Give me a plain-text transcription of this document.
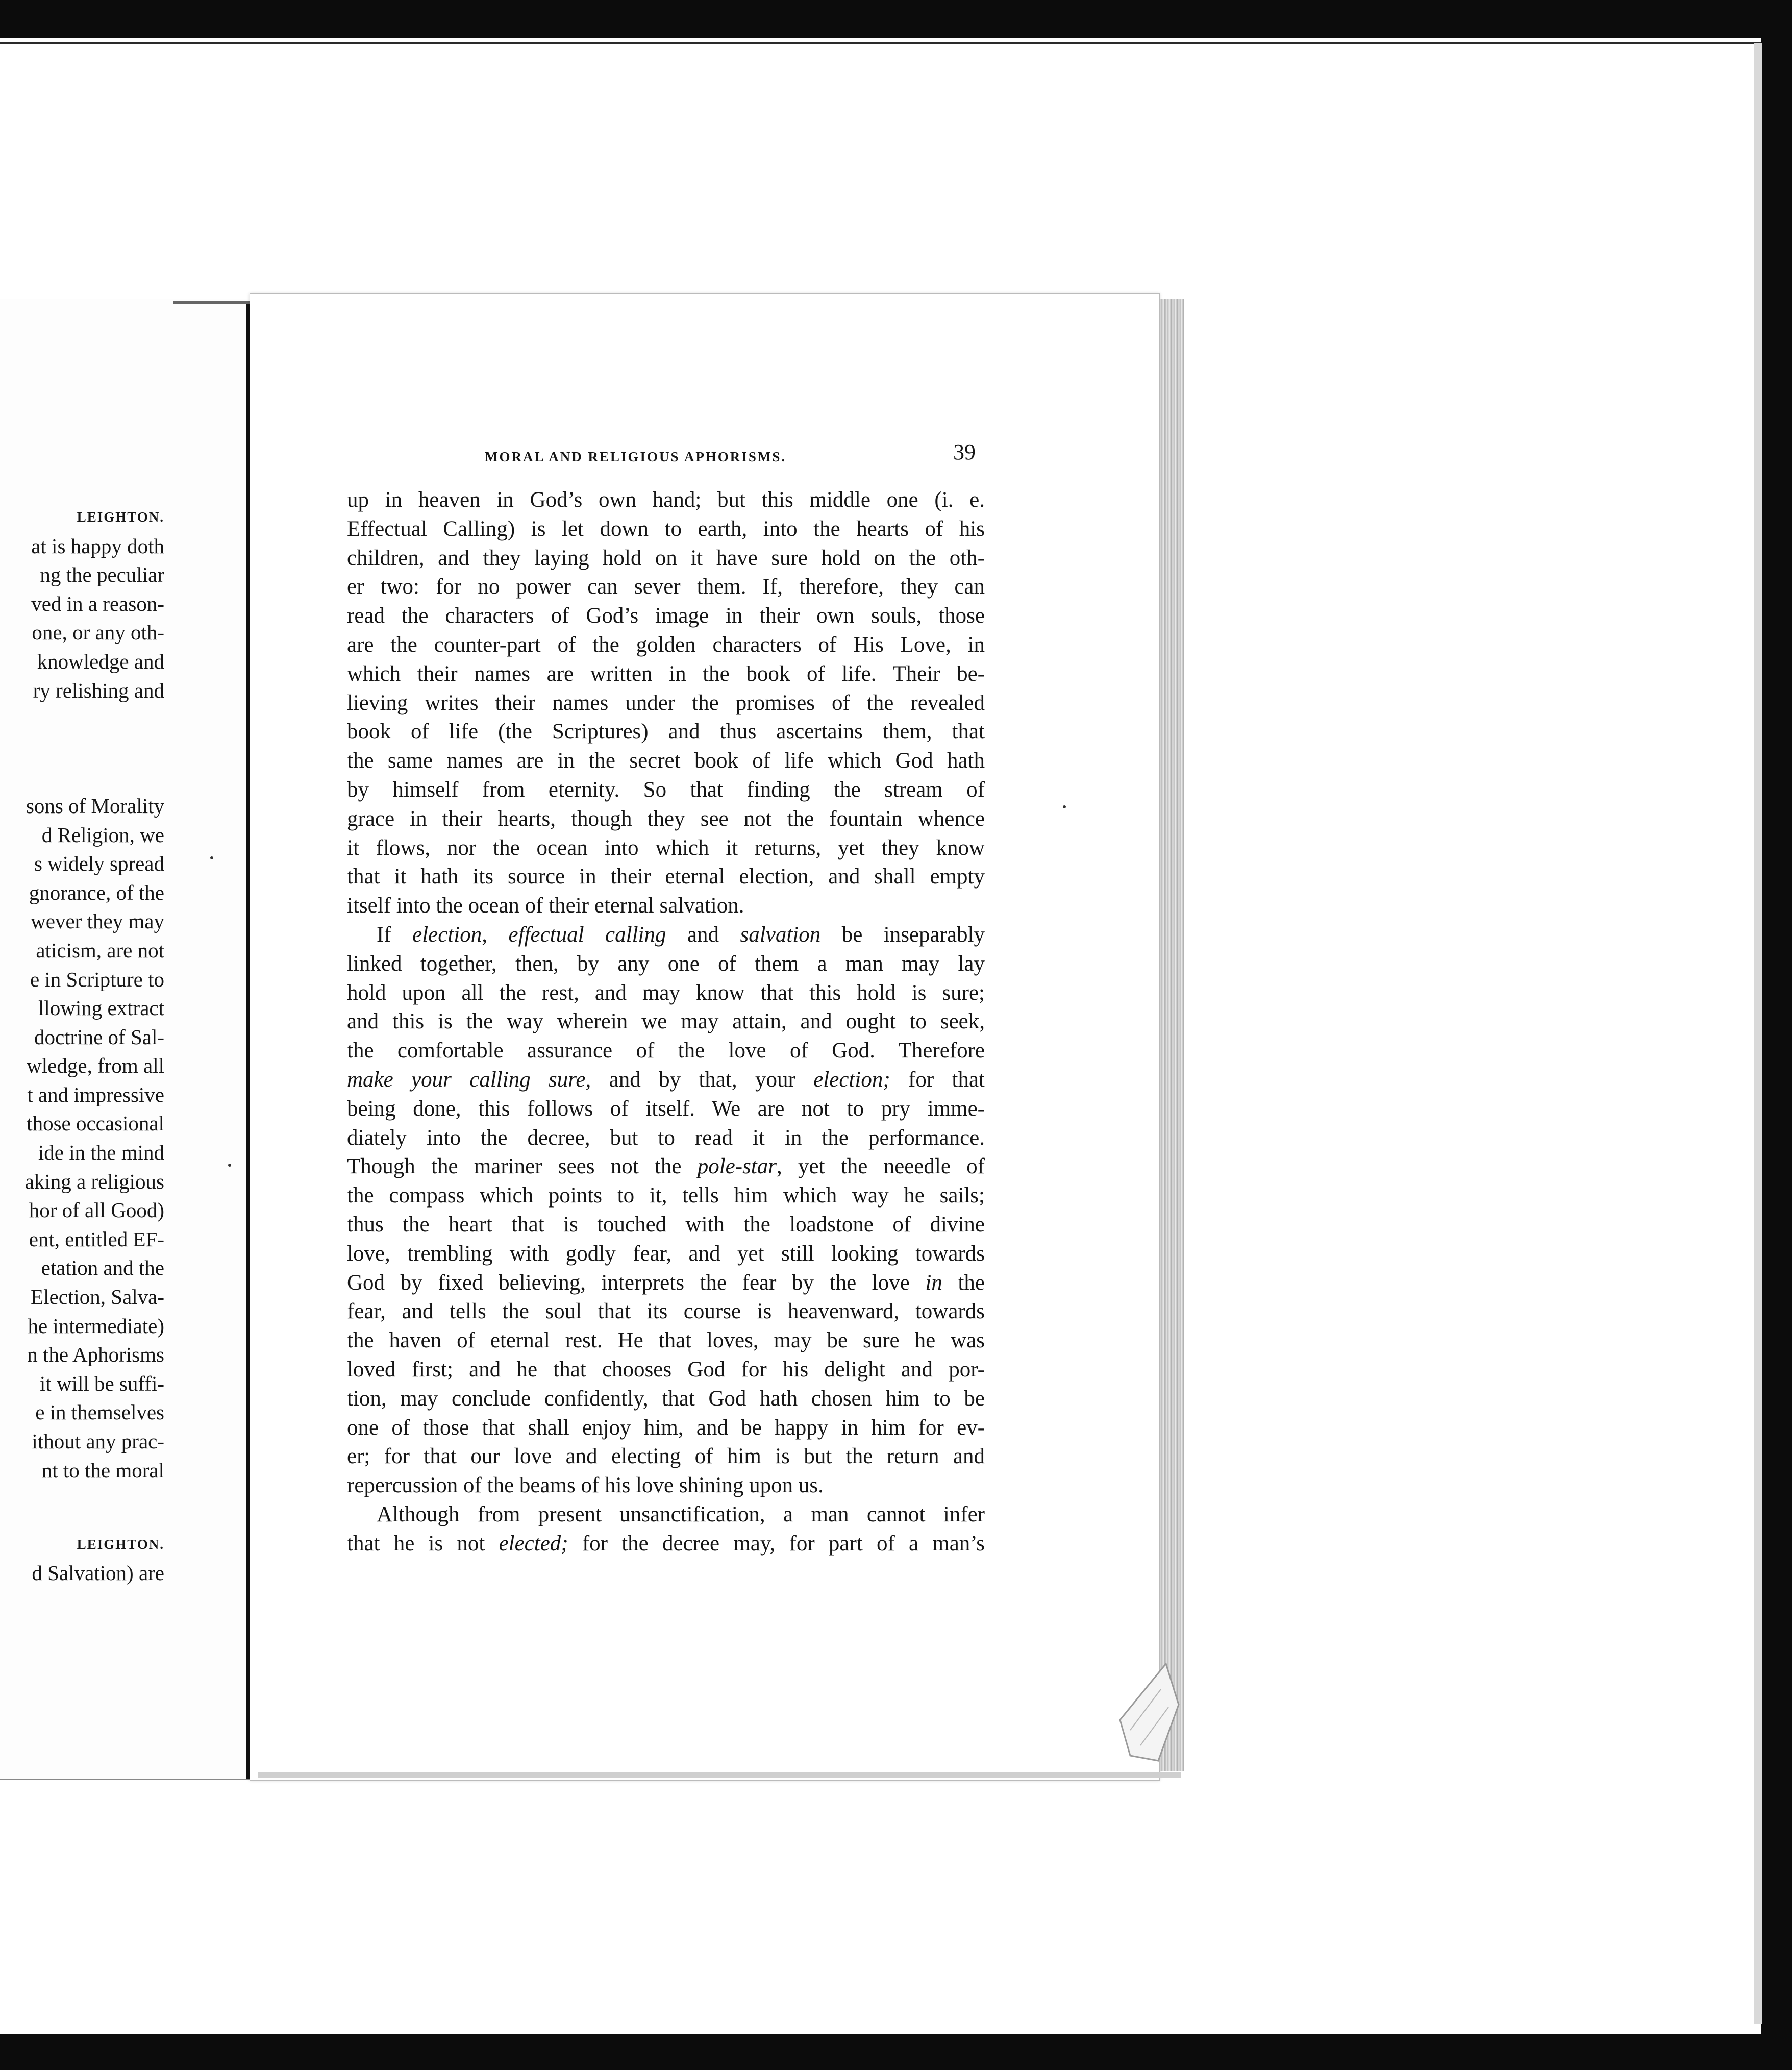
LEIGHTON.
at is happy doth
ng the peculiar
ved in a reason-
one, or any oth-
knowledge and
ry relishing and
sons of Morality
d Religion, we
s widely spread
gnorance, of the
wever they may
aticism, are not
e in Scripture to
llowing extract
doctrine of Sal-
wledge, from all
t and impressive
those occasional
ide in the mind
aking a religious
hor of all Good)
ent, entitled EF-
etation and the
Election, Salva-
he intermediate)
n the Aphorisms
it will be suffi-
e in themselves
ithout any prac-
nt to the moral
LEIGHTON.
d Salvation) are
MORAL AND RELIGIOUS APHORISMS.	39
up in heaven in God’s own hand; but this middle one (i. e.
Effectual Calling) is let down to earth, into the hearts of his
children, and they laying hold on it have sure hold on the oth-
er two: for no power can sever them. If, therefore, they can
read the characters of God’s image in their own souls, those
are the counter-part of the golden characters of His Love, in
which their names are written in the book of life. Their be-
lieving writes their names under the promises of the revealed
book of life (the Scriptures) and thus ascertains them, that
the same names are in the secret book of life which God hath
by himself from eternity. So that finding the stream of
grace in their hearts, though they see not the fountain whence
it flows, nor the ocean into which it returns, yet they know
that it hath its source in their eternal election, and shall empty
itself into the ocean of their eternal salvation.
If election, effectual calling and salvation be inseparably
linked together, then, by any one of them a man may lay
hold upon all the rest, and may know that this hold is sure;
and this is the way wherein we may attain, and ought to seek,
the comfortable assurance of the love of God. Therefore
make your calling sure, and by that, your election; for that
being done, this follows of itself. We are not to pry imme-
diately into the decree, but to read it in the performance.
Though the mariner sees not the pole-star, yet the neeedle of
the compass which points to it, tells him which way he sails;
thus the heart that is touched with the loadstone of divine
love, trembling with godly fear, and yet still looking towards
God by fixed believing, interprets the fear by the love in the
fear, and tells the soul that its course is heavenward, towards
the haven of eternal rest. He that loves, may be sure he was
loved first; and he that chooses God for his delight and por-
tion, may conclude confidently, that God hath chosen him to be
one of those that shall enjoy him, and be happy in him for ev-
er; for that our love and electing of him is but the return and
repercussion of the beams of his love shining upon us.
Although from present unsanctification, a man cannot infer
that he is not elected; for the decree may, for part of a man’s
